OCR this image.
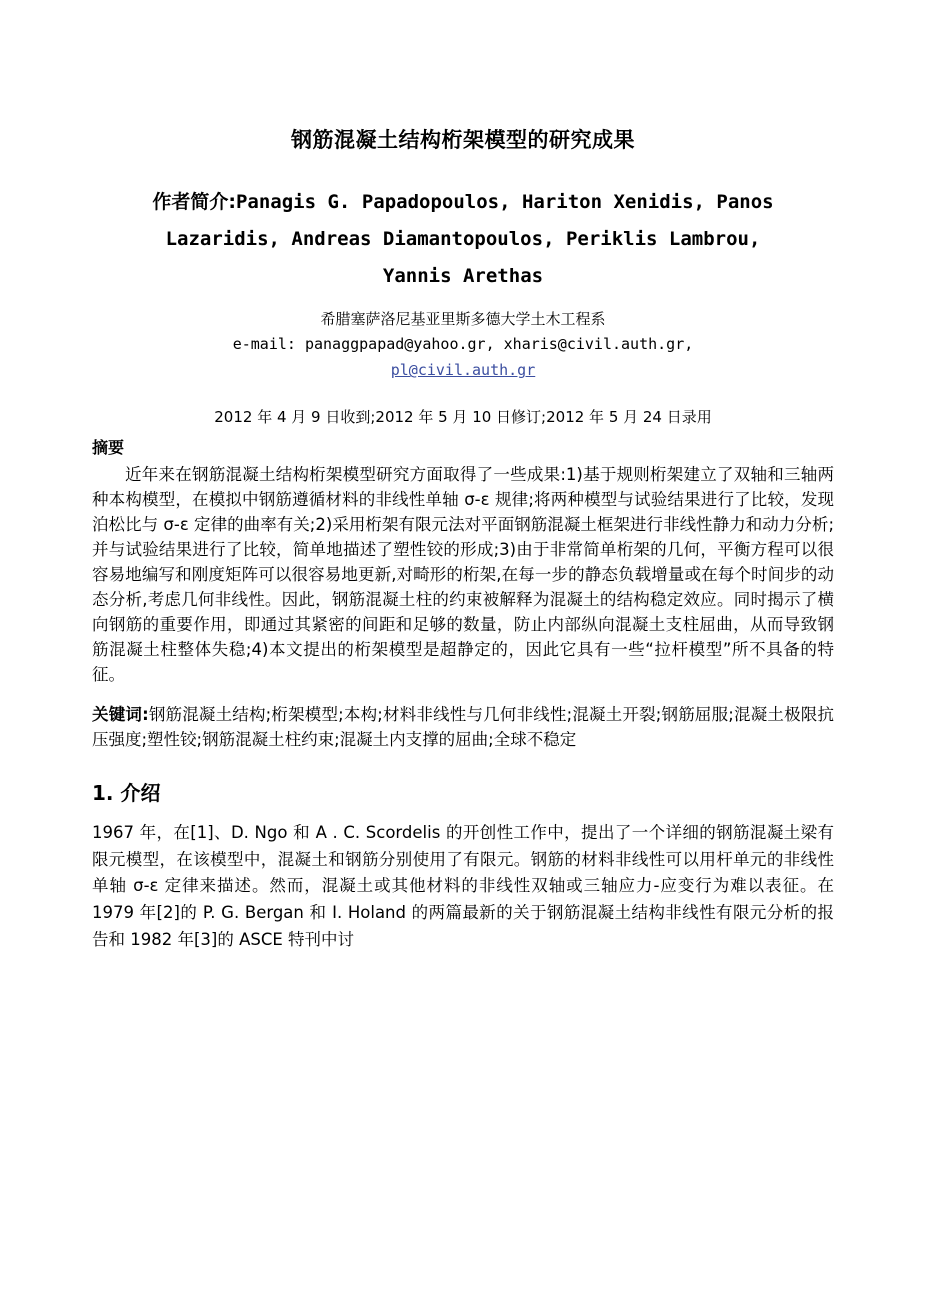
钢筋混凝土结构桁架模型的研究成果
作者简介:Panagis G. Papadopoulos, Hariton Xenidis, Panos
Lazaridis, Andreas Diamantopoulos, Periklis Lambrou,
Yannis Arethas
希腊塞萨洛尼基亚里斯多德大学土木工程系
e-mail: panaggpapad@yahoo.gr, xharis@civil.auth.gr,
pl@civil.auth.gr
2012 年 4 月 9 日收到;2012 年 5 月 10 日修订;2012 年 5 月 24 日录用
摘要

近年来在钢筋混凝土结构桁架模型研究方面取得了一些成果:1)基于规则桁架建立了双轴和三轴两种本构模型，在模拟中钢筋遵循材料的非线性单轴 σ-ε 规律;将两种模型与试验结果进行了比较，发现泊松比与 σ-ε 定律的曲率有关;2)采用桁架有限元法对平面钢筋混凝土框架进行非线性静力和动力分析;并与试验结果进行了比较，简单地描述了塑性铰的形成;3)由于非常简单桁架的几何，平衡方程可以很容易地编写和刚度矩阵可以很容易地更新,对畸形的桁架,在每一步的静态负载增量或在每个时间步的动态分析,考虑几何非线性。因此，钢筋混凝土柱的约束被解释为混凝土的结构稳定效应。同时揭示了横向钢筋的重要作用，即通过其紧密的间距和足够的数量，防止内部纵向混凝土支柱屈曲，从而导致钢筋混凝土柱整体失稳;4)本文提出的桁架模型是超静定的，因此它具有一些“拉杆模型”所不具备的特征。

关键词:钢筋混凝土结构;桁架模型;本构;材料非线性与几何非线性;混凝土开裂;钢筋屈服;混凝土极限抗压强度;塑性铰;钢筋混凝土柱约束;混凝土内支撑的屈曲;全球不稳定

1. 介绍

1967 年，在[1]、D. Ngo 和 A . C. Scordelis 的开创性工作中，提出了一个详细的钢筋混凝土梁有限元模型，在该模型中，混凝土和钢筋分别使用了有限元。钢筋的材料非线性可以用杆单元的非线性单轴 σ-ε 定律来描述。然而，混凝土或其他材料的非线性双轴或三轴应力-应变行为难以表征。在 1979 年[2]的 P. G. Bergan 和 I. Holand 的两篇最新的关于钢筋混凝土结构非线性有限元分析的报告和 1982 年[3]的 ASCE 特刊中讨
